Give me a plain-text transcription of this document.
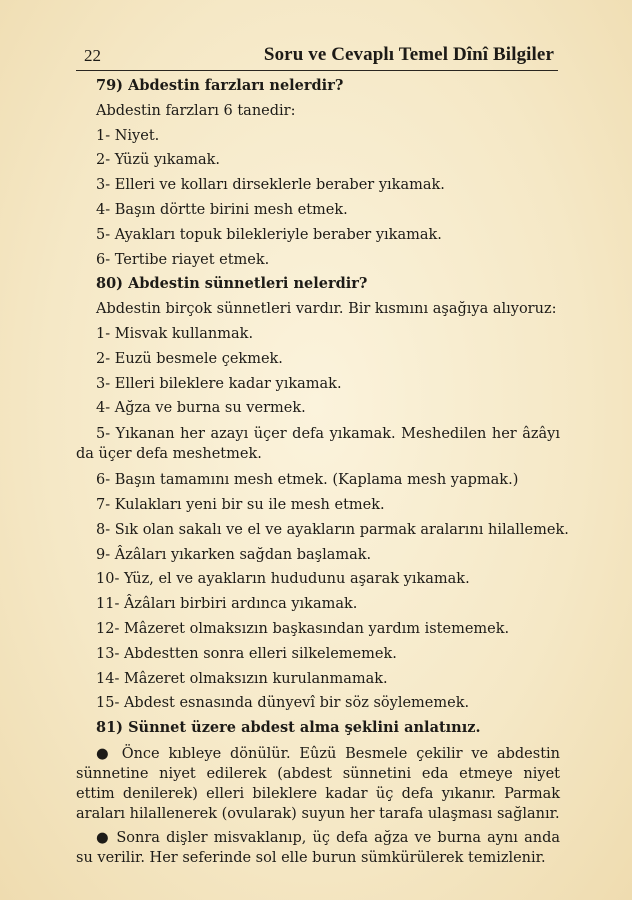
22	Soru ve Cevaplı Temel Dînî Bilgiler
79) Abdestin farzları nelerdir?
Abdestin farzları 6 tanedir:
1- Niyet.
2- Yüzü yıkamak.
3- Elleri ve kolları dirseklerle beraber yıkamak.
4- Başın dörtte birini mesh etmek.
5- Ayakları topuk bilekleriyle beraber yıkamak.
6- Tertibe riayet etmek.
80) Abdestin sünnetleri nelerdir?
Abdestin birçok sünnetleri vardır. Bir kısmını aşağıya alıyoruz:
1- Misvak kullanmak.
2- Euzü besmele çekmek.
3- Elleri bileklere kadar yıkamak.
4- Ağza ve burna su vermek.
5- Yıkanan her azayı üçer defa yıkamak. Meshedilen her âzâyı da üçer defa meshetmek.
6- Başın tamamını mesh etmek. (Kaplama mesh yapmak.)
7- Kulakları yeni bir su ile mesh etmek.
8- Sık olan sakalı ve el ve ayakların parmak aralarını hilallemek.
9- Âzâları yıkarken sağdan başlamak.
10- Yüz, el ve ayakların hududunu aşarak yıkamak.
11- Âzâları birbiri ardınca yıkamak.
12- Mâzeret olmaksızın başkasından yardım istememek.
13- Abdestten sonra elleri silkelememek.
14- Mâzeret olmaksızın kurulanmamak.
15- Abdest esnasında dünyevî bir söz söylememek.
81) Sünnet üzere abdest alma şeklini anlatınız.
● Önce kıbleye dönülür. Eûzü Besmele çekilir ve abdestin sünnetine niyet edilerek (abdest sünnetini eda etmeye niyet ettim denilerek) elleri bileklere kadar üç defa yıkanır. Parmak araları hilallenerek (ovularak) suyun her tarafa ulaşması sağlanır.
● Sonra dişler misvaklanıp, üç defa ağza ve burna aynı anda su verilir. Her seferinde sol elle burun sümkürülerek temizlenir.
